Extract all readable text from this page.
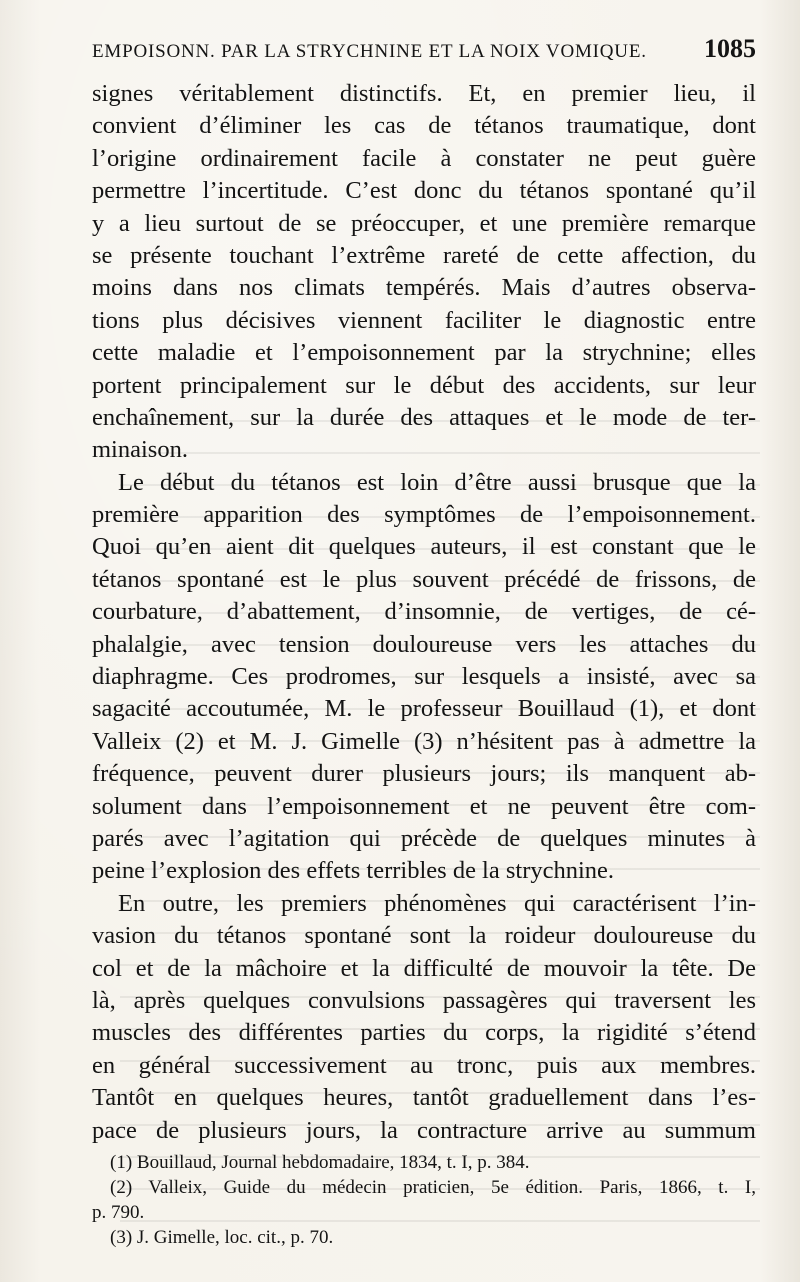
EMPOISONN. PAR LA STRYCHNINE ET LA NOIX VOMIQUE. 1085
signes véritablement distinctifs. Et, en premier lieu, il
convient d’éliminer les cas de tétanos traumatique, dont
l’origine ordinairement facile à constater ne peut guère
permettre l’incertitude. C’est donc du tétanos spontané qu’il
y a lieu surtout de se préoccuper, et une première remarque
se présente touchant l’extrême rareté de cette affection, du
moins dans nos climats tempérés. Mais d’autres observa-
tions plus décisives viennent faciliter le diagnostic entre
cette maladie et l’empoisonnement par la strychnine; elles
portent principalement sur le début des accidents, sur leur
enchaînement, sur la durée des attaques et le mode de ter-
minaison.
Le début du tétanos est loin d’être aussi brusque que la
première apparition des symptômes de l’empoisonnement.
Quoi qu’en aient dit quelques auteurs, il est constant que le
tétanos spontané est le plus souvent précédé de frissons, de
courbature, d’abattement, d’insomnie, de vertiges, de cé-
phalalgie, avec tension douloureuse vers les attaches du
diaphragme. Ces prodromes, sur lesquels a insisté, avec sa
sagacité accoutumée, M. le professeur Bouillaud (1), et dont
Valleix (2) et M. J. Gimelle (3) n’hésitent pas à admettre la
fréquence, peuvent durer plusieurs jours; ils manquent ab-
solument dans l’empoisonnement et ne peuvent être com-
parés avec l’agitation qui précède de quelques minutes à
peine l’explosion des effets terribles de la strychnine.
En outre, les premiers phénomènes qui caractérisent l’in-
vasion du tétanos spontané sont la roideur douloureuse du
col et de la mâchoire et la difficulté de mouvoir la tête. De
là, après quelques convulsions passagères qui traversent les
muscles des différentes parties du corps, la rigidité s’étend
en général successivement au tronc, puis aux membres.
Tantôt en quelques heures, tantôt graduellement dans l’es-
pace de plusieurs jours, la contracture arrive au summum
(1) Bouillaud, Journal hebdomadaire, 1834, t. I, p. 384.
(2) Valleix, Guide du médecin praticien, 5e édition. Paris, 1866, t. I,
p. 790.
(3) J. Gimelle, loc. cit., p. 70.
